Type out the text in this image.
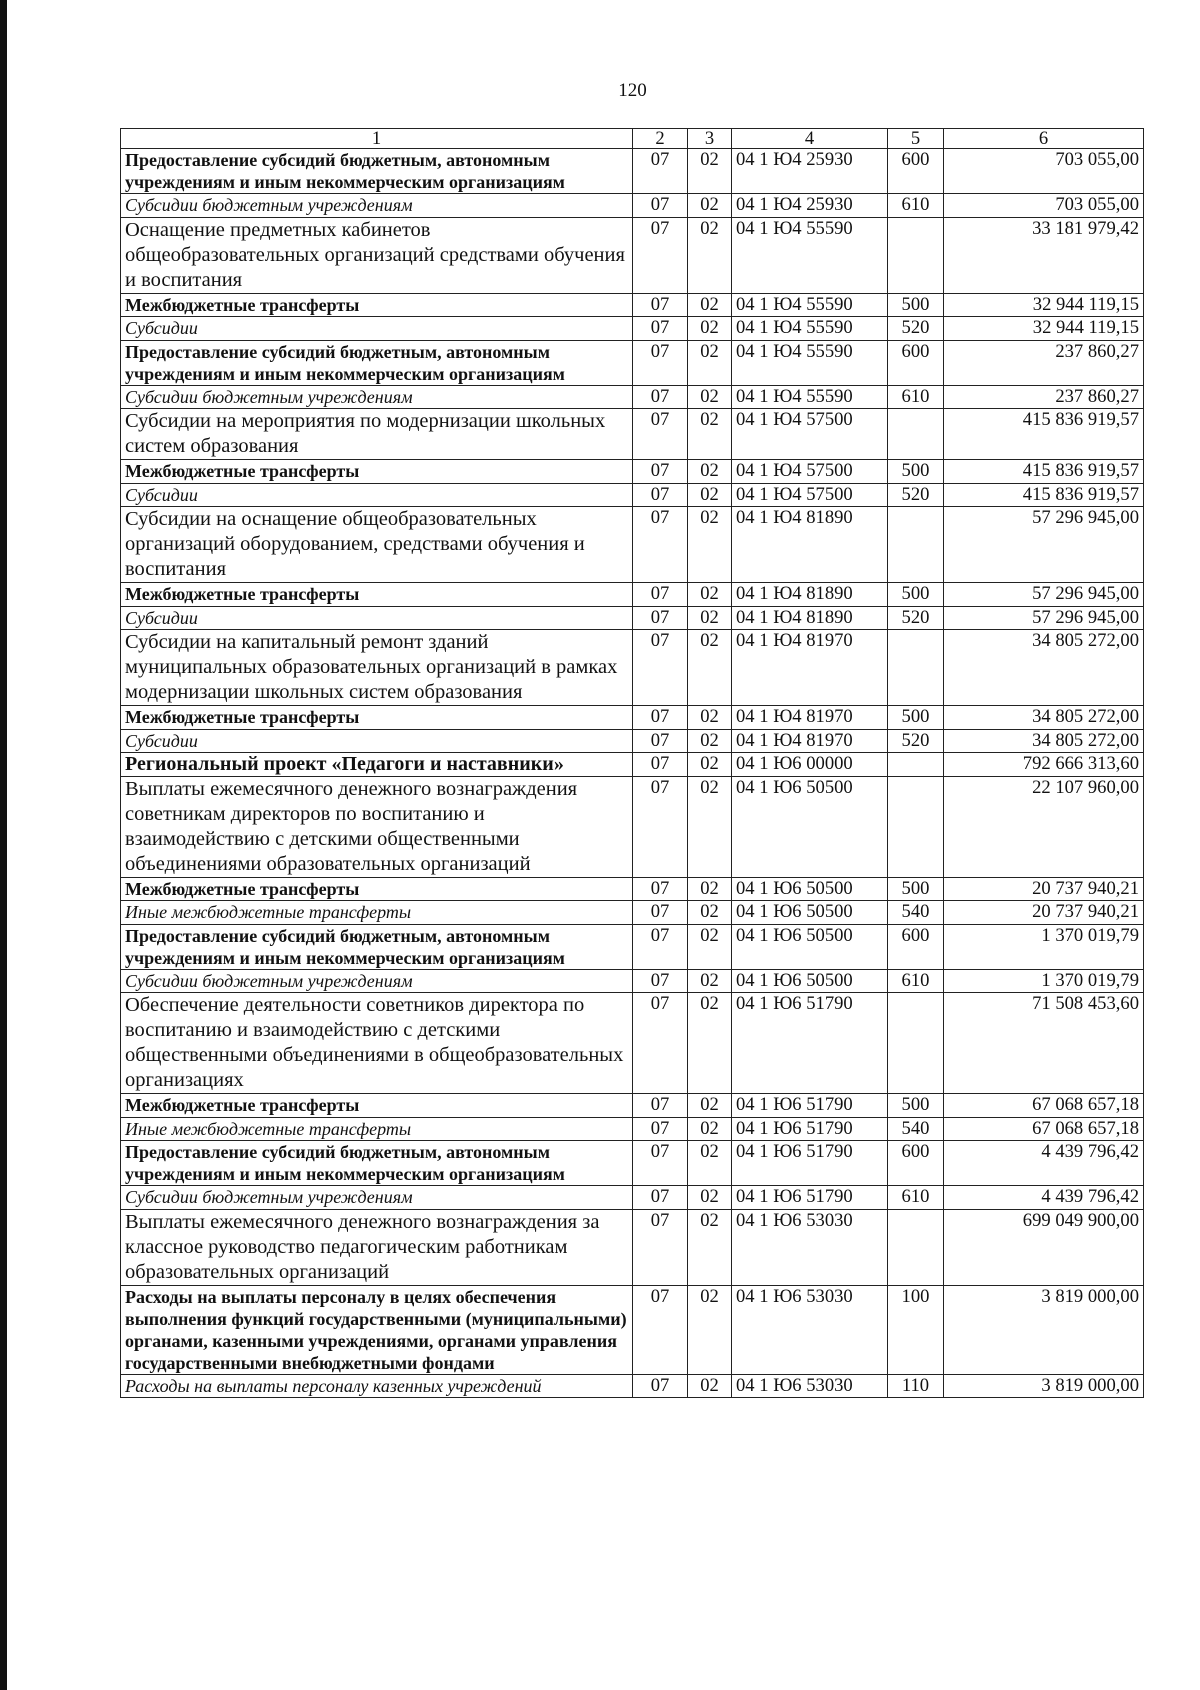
120
1	2	3	4	5	6
Предоставление субсидий бюджетным, автономным учреждениям и иным некоммерческим организациям	07	02	04 1 Ю4 25930	600	703 055,00
Субсидии бюджетным учреждениям	07	02	04 1 Ю4 25930	610	703 055,00
Оснащение предметных кабинетов общеобразовательных организаций средствами обучения и воспитания	07	02	04 1 Ю4 55590		33 181 979,42
Межбюджетные трансферты	07	02	04 1 Ю4 55590	500	32 944 119,15
Субсидии	07	02	04 1 Ю4 55590	520	32 944 119,15
Предоставление субсидий бюджетным, автономным учреждениям и иным некоммерческим организациям	07	02	04 1 Ю4 55590	600	237 860,27
Субсидии бюджетным учреждениям	07	02	04 1 Ю4 55590	610	237 860,27
Субсидии на мероприятия по модернизации школьных систем образования	07	02	04 1 Ю4 57500		415 836 919,57
Межбюджетные трансферты	07	02	04 1 Ю4 57500	500	415 836 919,57
Субсидии	07	02	04 1 Ю4 57500	520	415 836 919,57
Субсидии на оснащение общеобразовательных организаций оборудованием, средствами обучения и воспитания	07	02	04 1 Ю4 81890		57 296 945,00
Межбюджетные трансферты	07	02	04 1 Ю4 81890	500	57 296 945,00
Субсидии	07	02	04 1 Ю4 81890	520	57 296 945,00
Субсидии на капитальный ремонт зданий муниципальных образовательных организаций в рамках модернизации школьных систем образования	07	02	04 1 Ю4 81970		34 805 272,00
Межбюджетные трансферты	07	02	04 1 Ю4 81970	500	34 805 272,00
Субсидии	07	02	04 1 Ю4 81970	520	34 805 272,00
Региональный проект «Педагоги и наставники»	07	02	04 1 Ю6 00000		792 666 313,60
Выплаты ежемесячного денежного вознаграждения советникам директоров по воспитанию и взаимодействию с детскими общественными объединениями образовательных организаций	07	02	04 1 Ю6 50500		22 107 960,00
Межбюджетные трансферты	07	02	04 1 Ю6 50500	500	20 737 940,21
Иные межбюджетные трансферты	07	02	04 1 Ю6 50500	540	20 737 940,21
Предоставление субсидий бюджетным, автономным учреждениям и иным некоммерческим организациям	07	02	04 1 Ю6 50500	600	1 370 019,79
Субсидии бюджетным учреждениям	07	02	04 1 Ю6 50500	610	1 370 019,79
Обеспечение деятельности советников директора по воспитанию и взаимодействию с детскими общественными объединениями в общеобразовательных организациях	07	02	04 1 Ю6 51790		71 508 453,60
Межбюджетные трансферты	07	02	04 1 Ю6 51790	500	67 068 657,18
Иные межбюджетные трансферты	07	02	04 1 Ю6 51790	540	67 068 657,18
Предоставление субсидий бюджетным, автономным учреждениям и иным некоммерческим организациям	07	02	04 1 Ю6 51790	600	4 439 796,42
Субсидии бюджетным учреждениям	07	02	04 1 Ю6 51790	610	4 439 796,42
Выплаты ежемесячного денежного вознаграждения за классное руководство педагогическим работникам образовательных организаций	07	02	04 1 Ю6 53030		699 049 900,00
Расходы на выплаты персоналу в целях обеспечения выполнения функций государственными (муниципальными) органами, казенными учреждениями, органами управления государственными внебюджетными фондами	07	02	04 1 Ю6 53030	100	3 819 000,00
Расходы на выплаты персоналу казенных учреждений	07	02	04 1 Ю6 53030	110	3 819 000,00
